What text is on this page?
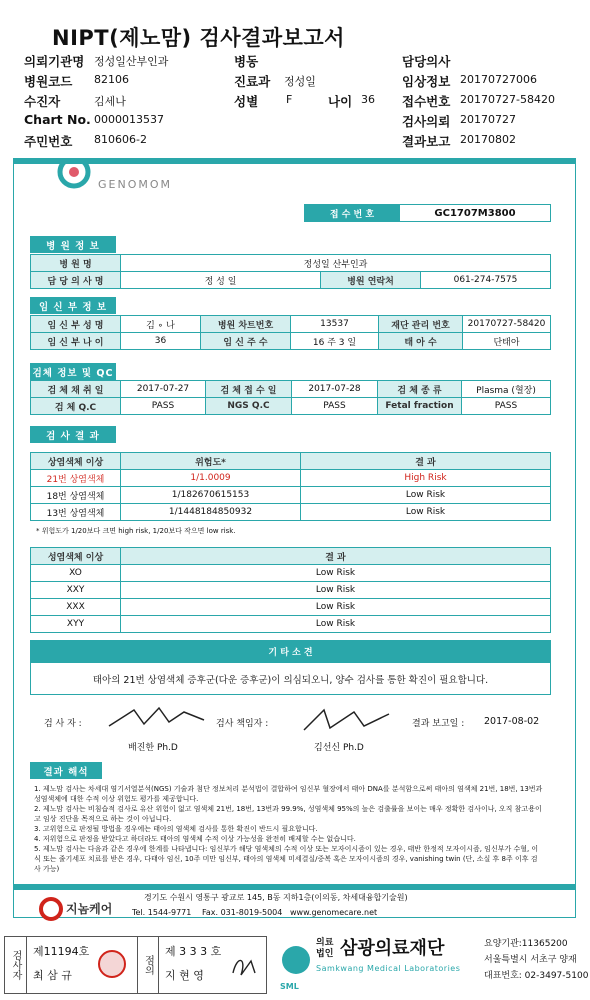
NIPT(제노맘) 검사결과보고서
의뢰기관명 정성일산부인과	병동	담당의사
병원코드 82106	진료과 정성일	임상정보 20170727006
수진자	김세나	성별	F	나이 36 접수번호 20170727-58420
Chart No. 0000013537	검사의뢰 20170727
주민번호 810606-2	결과보고 20170802
GENOMOM
접 수 번 호	GC1707M3800
병 원 정 보
병 원 명	정성일 산부인과		
담 당 의 사 명	정 성 일	병원 연락처	061-274-7575
임 신 부 정 보
임 신 부 성 명	김 ∘ 나	병원 차트번호	13537	재단 관리 번호	20170727-58420
임 신 부 나 이	36	임 신 주 수	16 주 3 일	태 아 수	단태아
검체 정보 및 QC
검 체 채 취 일	2017-07-27	검 체 접 수 일	2017-07-28	검 체 종 류	Plasma (혈장)
검 체 Q.C	PASS	NGS Q.C	PASS	Fetal fraction	PASS
검 사 결 과
상염색체 이상	위험도*	결 과
21번 상염색체	1/1.0009	High Risk
18번 상염색체	1/182670615153	Low Risk
13번 상염색체	1/1448184850932	Low Risk
* 위험도가 1/20보다 크면 high risk, 1/20보다 작으면 low risk.
성염색체 이상	결 과
XO	Low Risk
XXY	Low Risk
XXX	Low Risk
XYY	Low Risk
기 타 소 견
태아의 21번 상염색체 증후군(다운 증후군)이 의심되오니, 양수 검사를 통한 확진이 필요합니다.
검 사 자 :
배진한 Ph.D
검사 책임자 :
김선신 Ph.D
결과 보고일 : 2017-08-02
결과 해석
1. 제노맘 검사는 차세대 염기서열분석(NGS) 기술과 첨단 정보처리 분석법이 결합하여 임신부 혈장에서 태아 DNA를 분석함으로써 태아의 염색체 21번, 18번, 13번과 성염색체에 대한 수적 이상 위험도 평가를 제공합니다.
2. 제노맘 검사는 비침습적 검사로 유산 위험이 없고 염색체 21번, 18번, 13번과 99.9%, 성염색체 95%의 높은 검출률을 보이는 매우 정확한 검사이나, 오직 참고용이고 임상 진단을 목적으로 하는 것이 아닙니다.
3. 고위험으로 판정될 방법을 경우에는 태아의 염색체 검사를 통한 확진이 반드시 필요합니다.
4. 저위험으로 판정을 받았다고 하더라도 태아의 염색체 수적 이상 가능성을 완전히 배제할 수는 없습니다.
5. 제노맘 검사는 다음과 같은 경우에 한계를 나타냅니다: 임신부가 해당 염색체의 수적 이상 또는 모자이시즘이 있는 경우, 태반 한정적 모자이시즘, 임신부가 수혈, 이식 또는 줄기세포 치료를 받은 경우, 다태아 임신, 10주 미만 임신부, 태아의 염색체 미세결실/중복 혹은 모자이시즘의 경우, vanishing twin (단, 소실 후 8주 이후 검사 가능)
지놈케어
경기도 수원시 영통구 광교로 145, B동 지하1층(이의동, 차세대융합기술원)
Tel. 1544-9771 Fax. 031-8019-5004 www.genomecare.net
검사자	제11194호
최 삼 규
점의
제 3 3 3 호
지 현 영
SML
의료
법인 삼광의료재단
Samkwang Medical Laboratories
요양기관:11365200
서울특별시 서초구 양재
대표번호: 02-3497-5100
